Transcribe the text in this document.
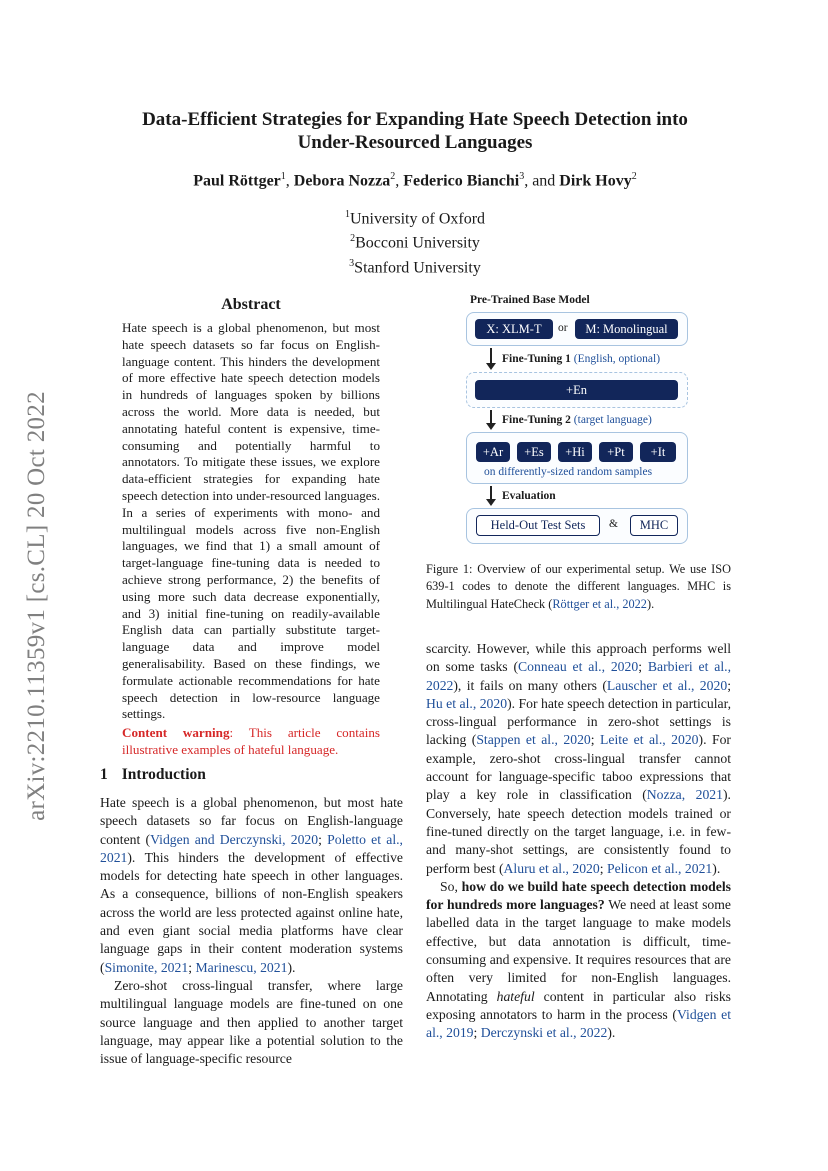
arXiv:2210.11359v1 [cs.CL] 20 Oct 2022
Data-Efficient Strategies for Expanding Hate Speech Detection into
Under-Resourced Languages
Paul Röttger$^1$, Debora Nozza$^2$, Federico Bianchi$^3$, and Dirk Hovy$^2$
$^1$University of Oxford
$^2$Bocconi University
$^3$Stanford University
Abstract
Hate speech is a global phenomenon, but most hate speech datasets so far focus on English-language content. This hinders the development of more effective hate speech detection models in hundreds of languages spoken by billions across the world. More data is needed, but annotating hateful content is expensive, time-consuming and potentially harmful to annotators. To mitigate these issues, we explore data-efficient strategies for expanding hate speech detection into under-resourced languages. In a series of experiments with mono- and multilingual models across five non-English languages, we find that 1) a small amount of target-language fine-tuning data is needed to achieve strong performance, 2) the benefits of using more such data decrease exponentially, and 3) initial fine-tuning on readily-available English data can partially substitute target-language data and improve model generalisability. Based on these findings, we formulate actionable recommendations for hate speech detection in low-resource language settings.
Content warning: This article contains illustrative examples of hateful language.
1 Introduction

Hate speech is a global phenomenon, but most hate speech datasets so far focus on English-language content (Vidgen and Derczynski, 2020; Poletto et al., 2021). This hinders the development of effective models for detecting hate speech in other languages. As a consequence, billions of non-English speakers across the world are less protected against online hate, and even giant social media platforms have clear language gaps in their content moderation systems (Simonite, 2021; Marinescu, 2021).

Zero-shot cross-lingual transfer, where large multilingual language models are fine-tuned on one source language and then applied to another target language, may appear like a potential solution to the issue of language-specific resource

Pre-Trained Base Model
X: XLM-T	or	M: Monolingual
Fine-Tuning 1 (English, optional)
+En
Fine-Tuning 2 (target language)
+Ar	+Es	+Hi	+Pt	+It
on differently-sized random samples
Evaluation
Held-Out Test Sets	&	MHC
Figure 1: Overview of our experimental setup. We use ISO 639-1 codes to denote the different languages. MHC is Multilingual HateCheck (Röttger et al., 2022).

scarcity. However, while this approach performs well on some tasks (Conneau et al., 2020; Barbieri et al., 2022), it fails on many others (Lauscher et al., 2020; Hu et al., 2020). For hate speech detection in particular, cross-lingual performance in zero-shot settings is lacking (Stappen et al., 2020; Leite et al., 2020). For example, zero-shot cross-lingual transfer cannot account for language-specific taboo expressions that play a key role in classification (Nozza, 2021). Conversely, hate speech detection models trained or fine-tuned directly on the target language, i.e. in few- and many-shot settings, are consistently found to perform best (Aluru et al., 2020; Pelicon et al., 2021).

So, how do we build hate speech detection models for hundreds more languages? We need at least some labelled data in the target language to make models effective, but data annotation is difficult, time-consuming and expensive. It requires resources that are often very limited for non-English languages. Annotating hateful content in particular also risks exposing annotators to harm in the process (Vidgen et al., 2019; Derczynski et al., 2022).
